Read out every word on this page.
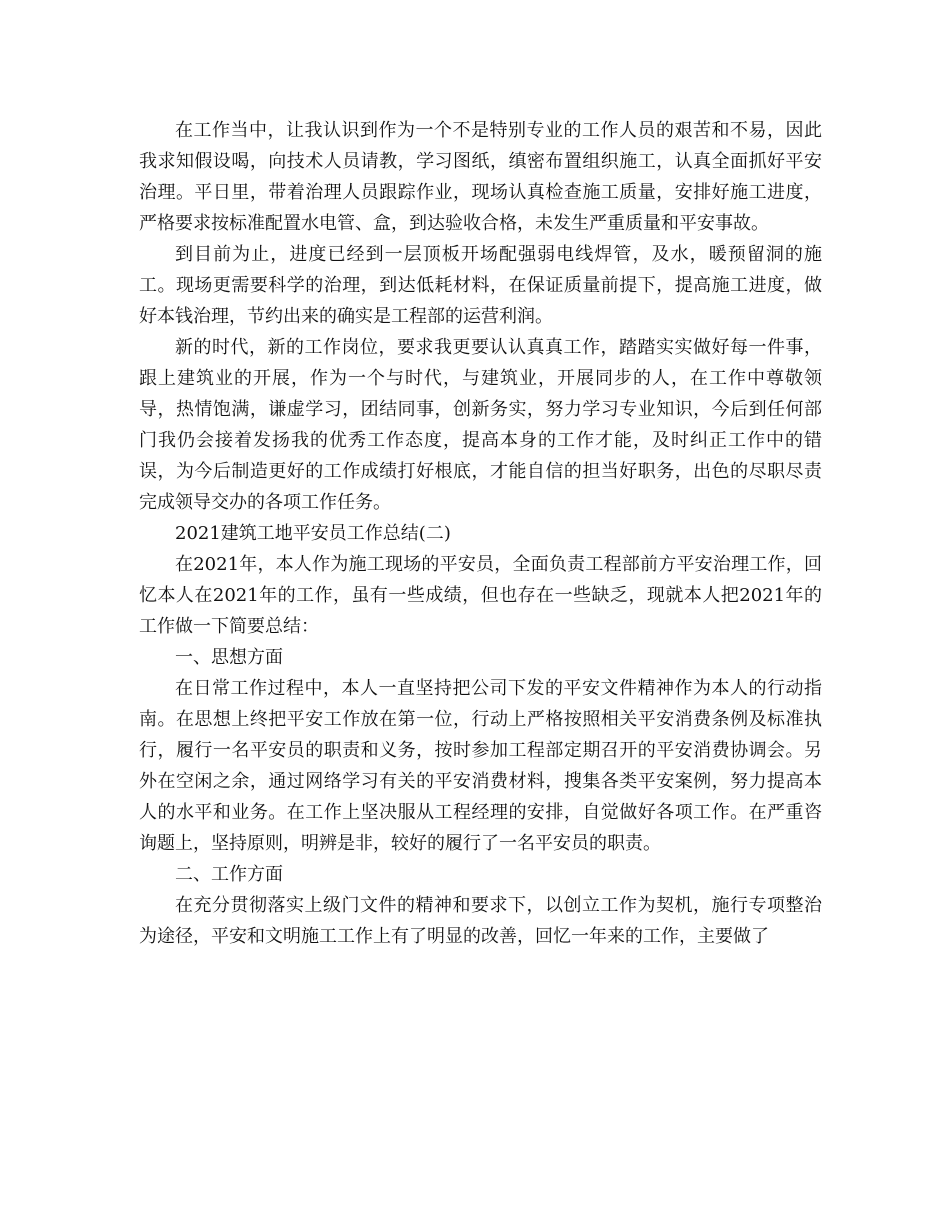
在工作当中，让我认识到作为一个不是特别专业的工作人员的艰苦和不易，因此我求知假设喝，向技术人员请教，学习图纸，缜密布置组织施工，认真全面抓好平安治理。平日里，带着治理人员跟踪作业，现场认真检查施工质量，安排好施工进度，严格要求按标准配置水电管、盒，到达验收合格，未发生严重质量和平安事故。

到目前为止，进度已经到一层顶板开场配强弱电线焊管，及水，暖预留洞的施工。现场更需要科学的治理，到达低耗材料，在保证质量前提下，提高施工进度，做好本钱治理，节约出来的确实是工程部的运营利润。

新的时代，新的工作岗位，要求我更要认认真真工作，踏踏实实做好每一件事，跟上建筑业的开展，作为一个与时代，与建筑业，开展同步的人，在工作中尊敬领导，热情饱满，谦虚学习，团结同事，创新务实，努力学习专业知识，今后到任何部门我仍会接着发扬我的优秀工作态度，提高本身的工作才能，及时纠正工作中的错误，为今后制造更好的工作成绩打好根底，才能自信的担当好职务，出色的尽职尽责完成领导交办的各项工作任务。

2021建筑工地平安员工作总结(二)

在2021年，本人作为施工现场的平安员，全面负责工程部前方平安治理工作，回忆本人在2021年的工作，虽有一些成绩，但也存在一些缺乏，现就本人把2021年的工作做一下简要总结：

一、思想方面

在日常工作过程中，本人一直坚持把公司下发的平安文件精神作为本人的行动指南。在思想上终把平安工作放在第一位，行动上严格按照相关平安消费条例及标准执行，履行一名平安员的职责和义务，按时参加工程部定期召开的平安消费协调会。另外在空闲之余，通过网络学习有关的平安消费材料，搜集各类平安案例，努力提高本人的水平和业务。在工作上坚决服从工程经理的安排，自觉做好各项工作。在严重咨询题上，坚持原则，明辨是非，较好的履行了一名平安员的职责。

二、工作方面

在充分贯彻落实上级门文件的精神和要求下，以创立工作为契机，施行专项整治为途径，平安和文明施工工作上有了明显的改善，回忆一年来的工作，主要做了
